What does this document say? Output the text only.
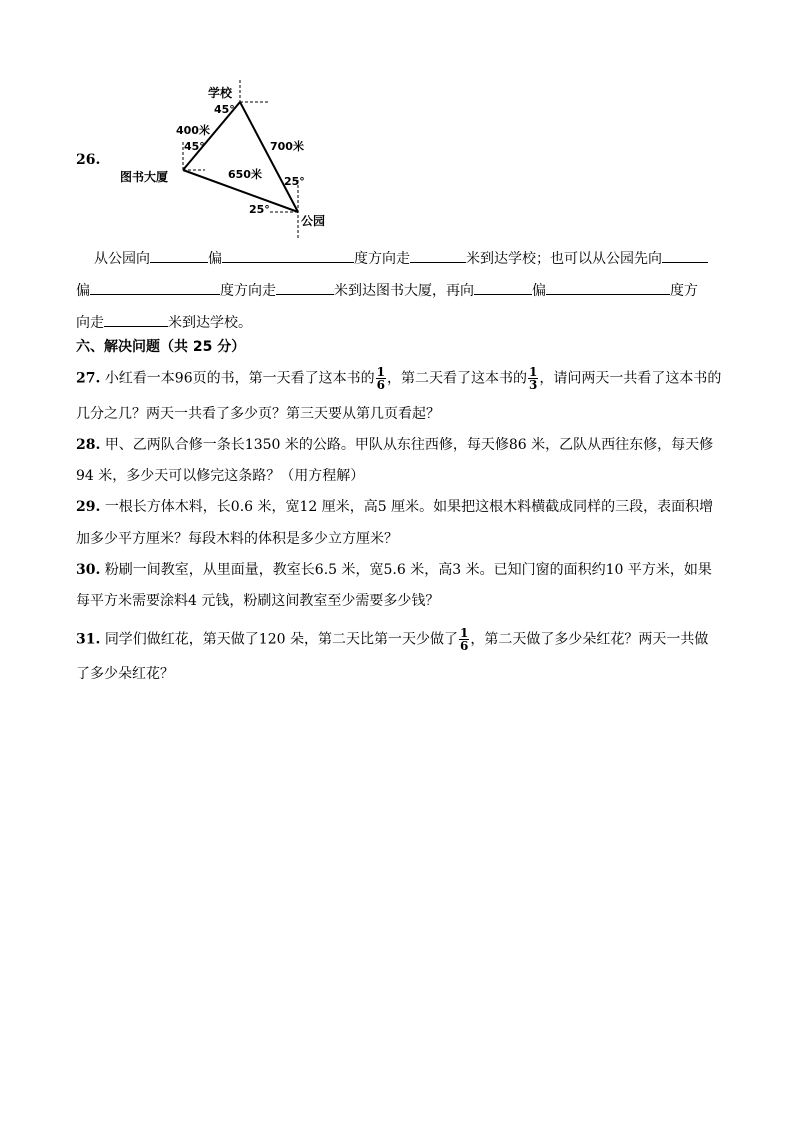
26.
学校
45°
400米
45°	700米
图书大厦	650米
25°
25°
公园
从公园向	偏	度方向走	米到达学校；也可以从公园先向
偏	度方向走	米到达图书大厦，再向	偏	度方
向走	米到达学校。
六、解决问题（共 25 分）
27. 小红看一本96页的书，第一天看了这本书的 $\frac{1}{6}$ ，第二天看了这本书的 $\frac{1}{3}$ ，请问两天一共看了这本书的
几分之几？两天一共看了多少页？第三天要从第几页看起？
28. 甲、乙两队合修一条长1350 米的公路。甲队从东往西修，每天修86 米，乙队从西往东修，每天修
94 米，多少天可以修完这条路？（用方程解）
29. 一根长方体木料，长0.6 米，宽12 厘米，高5 厘米。如果把这根木料横截成同样的三段，表面积增
加多少平方厘米？每段木料的体积是多少立方厘米？
30. 粉刷一间教室，从里面量，教室长6.5 米，宽5.6 米，高3 米。已知门窗的面积约10 平方米，如果
每平方米需要涂料4 元钱，粉刷这间教室至少需要多少钱？
31. 同学们做红花，第天做了120 朵，第二天比第一天少做了 $\frac{1}{6}$ ，第二天做了多少朵红花？两天一共做
了多少朵红花？
